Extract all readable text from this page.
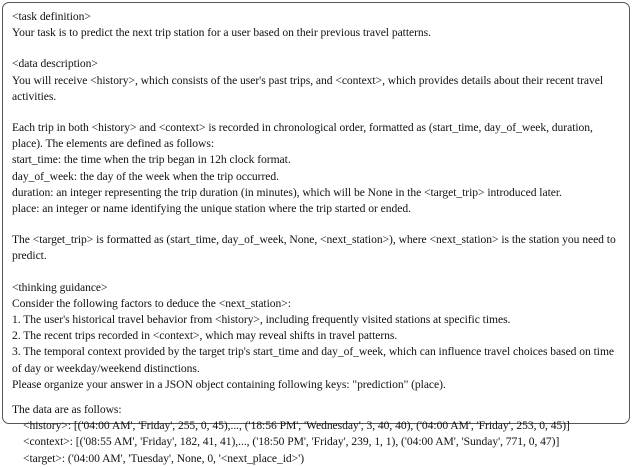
<task definition>
Your task is to predict the next trip station for a user based on their previous travel patterns.
<data description>
You will receive <history>, which consists of the user's past trips, and <context>, which provides details about their recent travel activities.
Each trip in both <history> and <context> is recorded in chronological order, formatted as (start_time, day_of_week, duration, place). The elements are defined as follows:
start_time: the time when the trip began in 12h clock format.
day_of_week: the day of the week when the trip occurred.
duration: an integer representing the trip duration (in minutes), which will be None in the <target_trip> introduced later.
place: an integer or name identifying the unique station where the trip started or ended.
The <target_trip> is formatted as (start_time, day_of_week, None, <next_station>), where <next_station> is the station you need to predict.
<thinking guidance>
Consider the following factors to deduce the <next_station>:
1. The user's historical travel behavior from <history>, including frequently visited stations at specific times.
2. The recent trips recorded in <context>, which may reveal shifts in travel patterns.
3. The temporal context provided by the target trip's start_time and day_of_week, which can influence travel choices based on time of day or weekday/weekend distinctions.
Please organize your answer in a JSON object containing following keys: "prediction" (place).
The data are as follows:
<history>: [('04:00 AM', 'Friday', 255, 0, 45),..., ('18:56 PM', 'Wednesday', 3, 40, 40), ('04:00 AM', 'Friday', 253, 0, 45)]
<context>: [('08:55 AM', 'Friday', 182, 41, 41),..., ('18:50 PM', 'Friday', 239, 1, 1), ('04:00 AM', 'Sunday', 771, 0, 47)]
<target>: ('04:00 AM', 'Tuesday', None, 0, '<next_place_id>')
